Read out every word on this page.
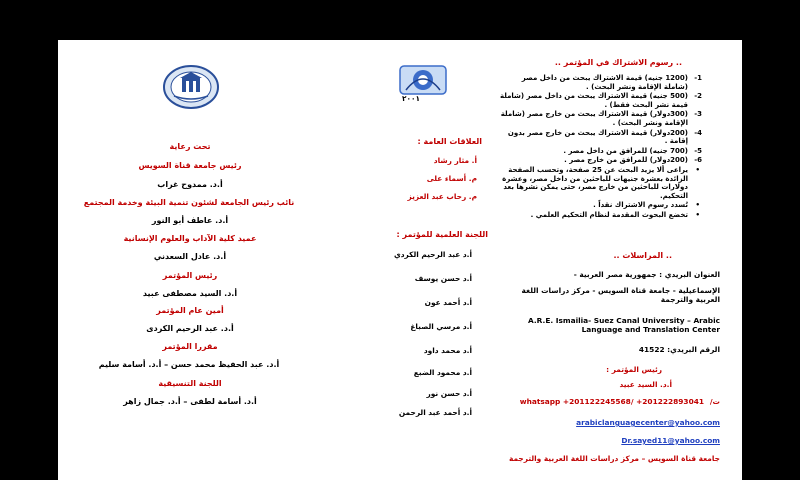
تحت رعاية
رئيس جامعة قناة السويس
أ.د. ممدوح غراب
نائب رئيس الجامعة لشئون تنمية البيئة وخدمة المجتمع
أ.د. عاطف أبو النور
عميد كلية الآداب والعلوم الإنسانية
أ.د. عادل السعدني
رئيس المؤتمر
أ.د. السيد مصطفى عبيد
أمين عام المؤتمر
أ.د. عبد الرحيم الكردى
مقررا المؤتمر
أ.د. عبد الحفيظ محمد حسن – أ.د. أسامة سليم
اللجنة التنسيقية
أ.د. أسامة لطفى – أ.د. جمال زاهر
٢٠٠١
العلاقات العامة :
أ. مثار رشاد
م. أسماء على
م. رحاب عبد العزيز
اللجنة العلمية للمؤتمر :
أ.د عبد الرحيم الكردي
أ.د حسن يوسف
أ.د أحمد عون
أ.د مرسي الصباغ
أ.د محمد داود
أ.د محمود الضبع
أ.د حسن نور
أ.د أحمد عبد الرحمن
.. رسوم الاشتراك في المؤتمر ..
-1
(1200 جنيه) قيمة الاشتراك يبحث من داخل مصر (شاملة الإقامة ونشر البحث) .
-2
(500 جنيه) قيمة الاشتراك يبحث من داخل مصر (شاملة قيمة نشر البحث فقط) .
-3
(300دولار) قيمة الاشتراك يبحث من خارج مصر (شاملة الإقامة ونشر البحث) .
-4
(200دولار) قيمة الاشتراك يبحث من خارج مصر بدون إقامة .
-5
(700 جنيه) للمرافق من داخل مصر .
-6
(200دولار) للمرافق من خارج مصر .
•
يراعى ألا يزيد البحث عن 25 صفحة، وتحسب الصفحة الزائدة بعشرة جنيهات للباحثين من داخل مصر، وعشرة دولارات للباحثين من خارج مصر، حتى يمكن نشرها بعد التحكيم.
•
تُسدد رسوم الاشتراك نقداً .
•
تخضع البحوث المقدمة لنظام التحكيم العلمي .
.. المراسلات ..
العنوان البريدي : جمهورية مصر العربية -
الإسماعيلية - جامعة قناة السويس - مركز دراسات اللغة العربية والترجمة
A.R.E. Ismailia- Suez Canal University – Arabic Language and Translation Center
الرقم البريدي: 41522
رئيس المؤتمر :
أ.د. السيد عبيد
ت/
whatsapp +201122245568/ +201222893041
arabiclanguagecenter@yahoo.com
Dr.sayed11@yahoo.com
جامعة قناة السويس – مركز دراسات اللغة العربية والترجمة
